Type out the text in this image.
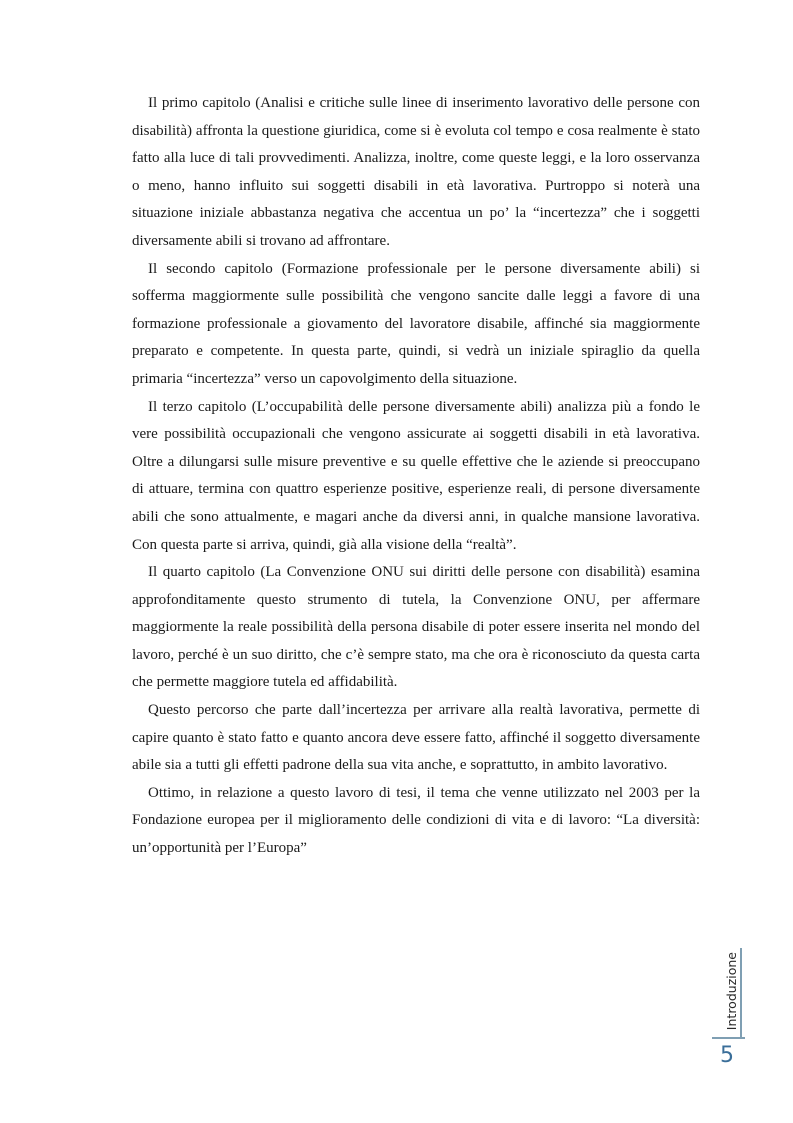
Il primo capitolo (Analisi e critiche sulle linee di inserimento lavorativo delle persone con disabilità) affronta la questione giuridica, come si è evoluta col tempo e cosa realmente è stato fatto alla luce di tali provvedimenti. Analizza, inoltre, come queste leggi, e la loro osservanza o meno, hanno influito sui soggetti disabili in età lavorativa. Purtroppo si noterà una situazione iniziale abbastanza negativa che accentua un po’ la “incertezza” che i soggetti diversamente abili si trovano ad affrontare.

Il secondo capitolo (Formazione professionale per le persone diversamente abili) si sofferma maggiormente sulle possibilità che vengono sancite dalle leggi a favore di una formazione professionale a giovamento del lavoratore disabile, affinché sia maggiormente preparato e competente. In questa parte, quindi, si vedrà un iniziale spiraglio da quella primaria “incertezza” verso un capovolgimento della situazione.

Il terzo capitolo (L’occupabilità delle persone diversamente abili) analizza più a fondo le vere possibilità occupazionali che vengono assicurate ai soggetti disabili in età lavorativa. Oltre a dilungarsi sulle misure preventive e su quelle effettive che le aziende si preoccupano di attuare, termina con quattro esperienze positive, esperienze reali, di persone diversamente abili che sono attualmente, e magari anche da diversi anni, in qualche mansione lavorativa. Con questa parte si arriva, quindi, già alla visione della “realtà”.

Il quarto capitolo (La Convenzione ONU sui diritti delle persone con disabilità) esamina approfonditamente questo strumento di tutela, la Convenzione ONU, per affermare maggiormente la reale possibilità della persona disabile di poter essere inserita nel mondo del lavoro, perché è un suo diritto, che c’è sempre stato, ma che ora è riconosciuto da questa carta che permette maggiore tutela ed affidabilità.

Questo percorso che parte dall’incertezza per arrivare alla realtà lavorativa, permette di capire quanto è stato fatto e quanto ancora deve essere fatto, affinché il soggetto diversamente abile sia a tutti gli effetti padrone della sua vita anche, e soprattutto, in ambito lavorativo.

Ottimo, in relazione a questo lavoro di tesi, il tema che venne utilizzato nel 2003 per la Fondazione europea per il miglioramento delle condizioni di vita e di lavoro: “La diversità: un’opportunità per l’Europa”

Introduzione
5
